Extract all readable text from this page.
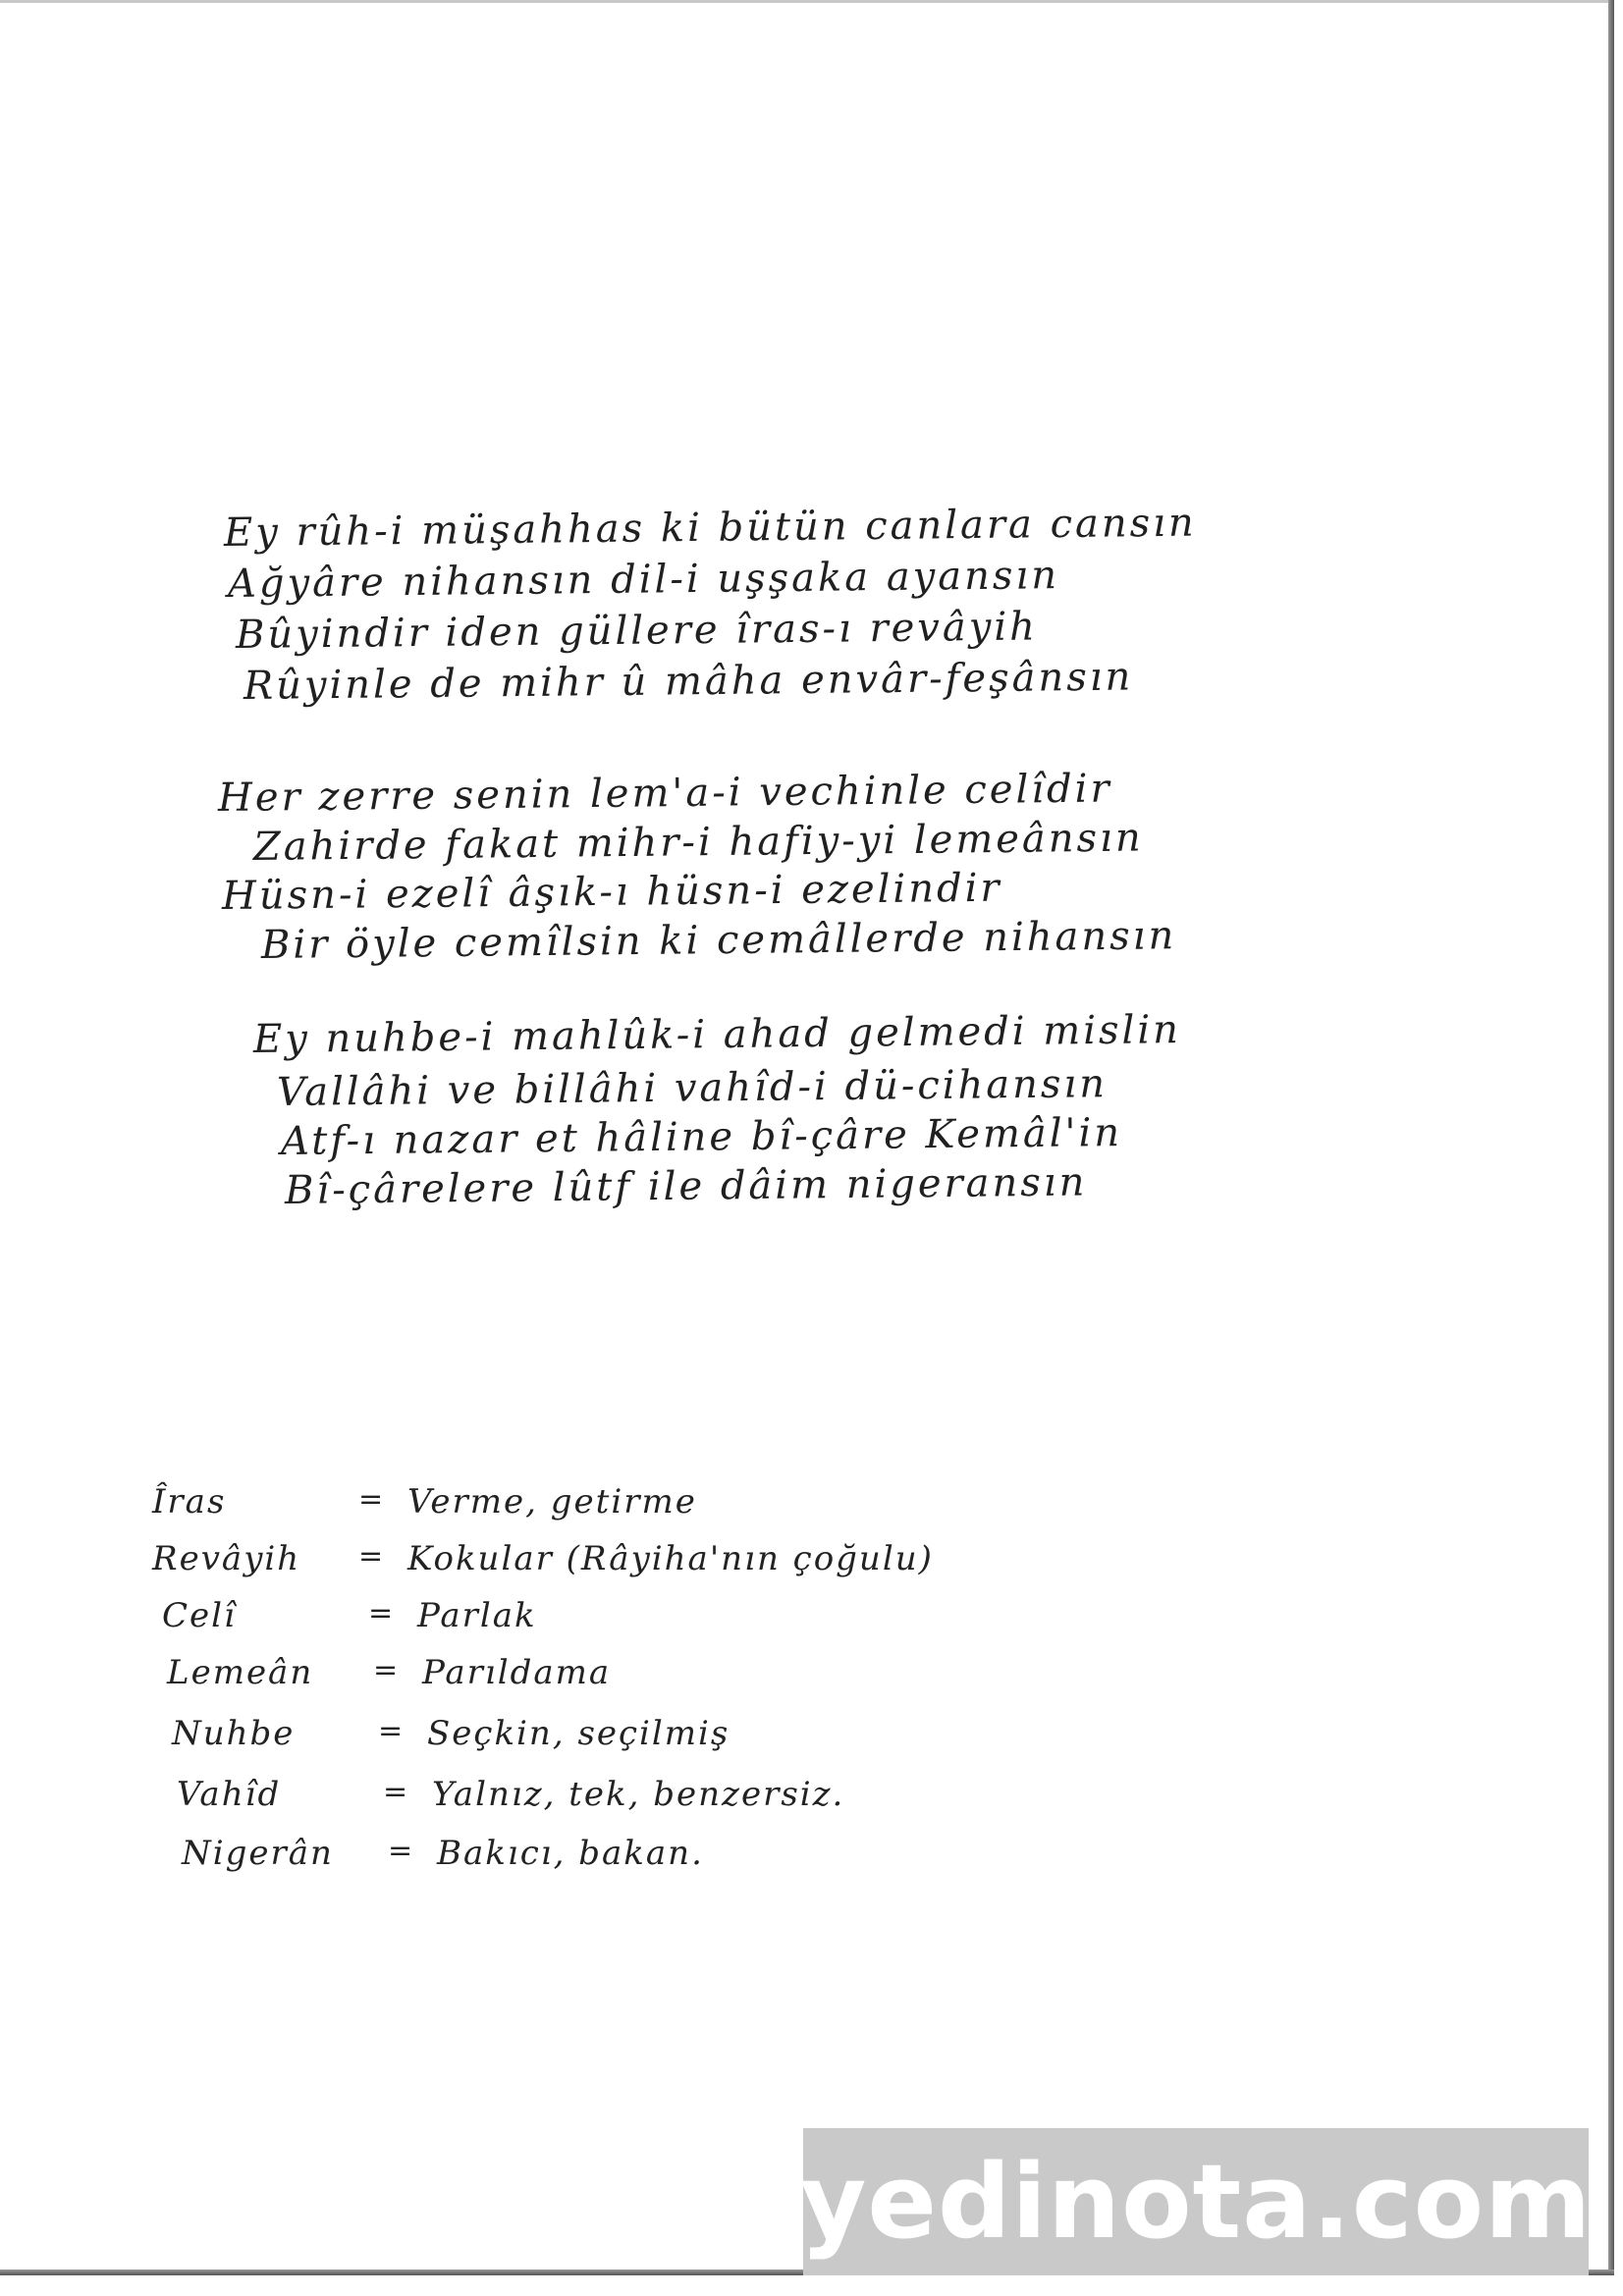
Ey rûh-i müşahhas ki bütün canlara cansın
Ağyâre nihansın dil-i uşşaka ayansın
Bûyindir iden güllere îras-ı revâyih
Rûyinle de mihr û mâha envâr-feşânsın
Her zerre senin lem'a-i vechinle celîdir
Zahirde fakat mihr-i hafiy-yi lemeânsın
Hüsn-i ezelî âşık-ı hüsn-i ezelindir
Bir öyle cemîlsin ki cemâllerde nihansın
Ey nuhbe-i mahlûk-i ahad gelmedi mislin
Vallâhi ve billâhi vahîd-i dü-cihansın
Atf-ı nazar et hâline bî-çâre Kemâl'in
Bî-çârelere lûtf ile dâim nigeransın
Îras	= Verme, getirme
Revâyih = Kokular (Râyiha'nın çoğulu)
Celî	= Parlak
Lemeân = Parıldama
Nuhbe	= Seçkin, seçilmiş
Vahîd	= Yalnız, tek, benzersiz.
Nigerân = Bakıcı, bakan.
yedinota.com
